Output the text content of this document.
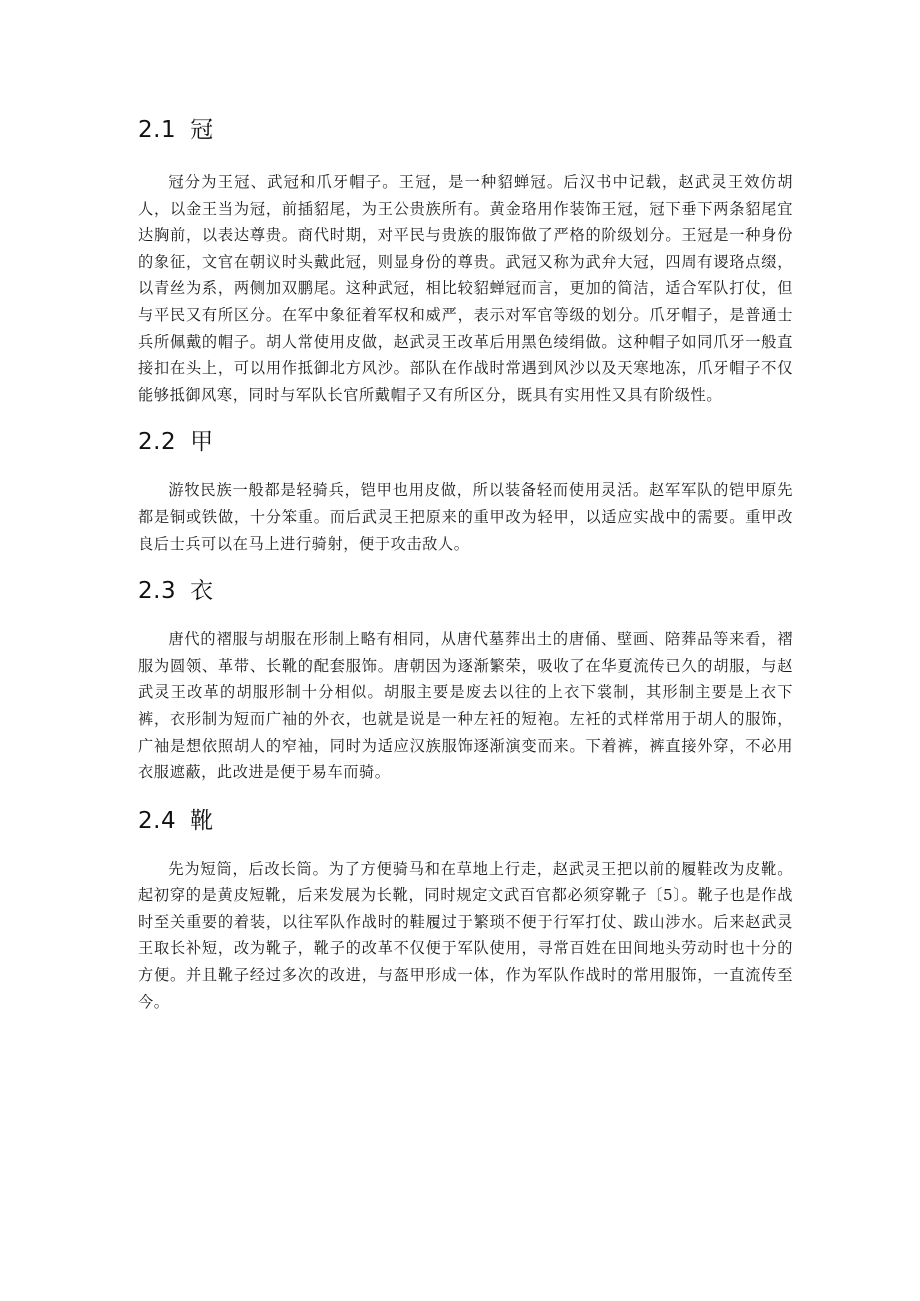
2.1 冠

冠分为王冠、武冠和爪牙帽子。王冠，是一种貂蝉冠。后汉书中记载，赵武灵王效仿胡人，以金王当为冠，前插貂尾，为王公贵族所有。黄金珞用作装饰王冠，冠下垂下两条貂尾宜达胸前，以表达尊贵。商代时期，对平民与贵族的服饰做了严格的阶级划分。王冠是一种身份的象征，文官在朝议时头戴此冠，则显身份的尊贵。武冠又称为武弁大冠，四周有谡珞点缀，以青丝为系，两侧加双鹏尾。这种武冠，相比较貂蝉冠而言，更加的简洁，适合军队打仗，但与平民又有所区分。在军中象征着军权和威严，表示对军官等级的划分。爪牙帽子，是普通士兵所佩戴的帽子。胡人常使用皮做，赵武灵王改革后用黑色绫绢做。这种帽子如同爪牙一般直接扣在头上，可以用作抵御北方风沙。部队在作战时常遇到风沙以及天寒地冻，爪牙帽子不仅能够抵御风寒，同时与军队长官所戴帽子又有所区分，既具有实用性又具有阶级性。

2.2 甲

游牧民族一般都是轻骑兵，铠甲也用皮做，所以装备轻而使用灵活。赵军军队的铠甲原先都是铜或铁做，十分笨重。而后武灵王把原来的重甲改为轻甲，以适应实战中的需要。重甲改良后士兵可以在马上进行骑射，便于攻击敌人。

2.3 衣

唐代的褶服与胡服在形制上略有相同，从唐代墓葬出土的唐俑、壁画、陪葬品等来看，褶服为圆领、革带、长靴的配套服饰。唐朝因为逐渐繁荣，吸收了在华夏流传已久的胡服，与赵武灵王改革的胡服形制十分相似。胡服主要是废去以往的上衣下裳制，其形制主要是上衣下裤，衣形制为短而广袖的外衣，也就是说是一种左衽的短袍。左衽的式样常用于胡人的服饰，广袖是想依照胡人的窄袖，同时为适应汉族服饰逐渐演变而来。下着裤，裤直接外穿，不必用衣服遮蔽，此改进是便于易车而骑。

2.4 靴

先为短筒，后改长筒。为了方便骑马和在草地上行走，赵武灵王把以前的履鞋改为皮靴。起初穿的是黄皮短靴，后来发展为长靴，同时规定文武百官都必须穿靴子〔5〕。靴子也是作战时至关重要的着装，以往军队作战时的鞋履过于繁琐不便于行军打仗、跋山涉水。后来赵武灵王取长补短，改为靴子，靴子的改革不仅便于军队使用，寻常百姓在田间地头劳动时也十分的方便。并且靴子经过多次的改进，与盔甲形成一体，作为军队作战时的常用服饰，一直流传至今。
